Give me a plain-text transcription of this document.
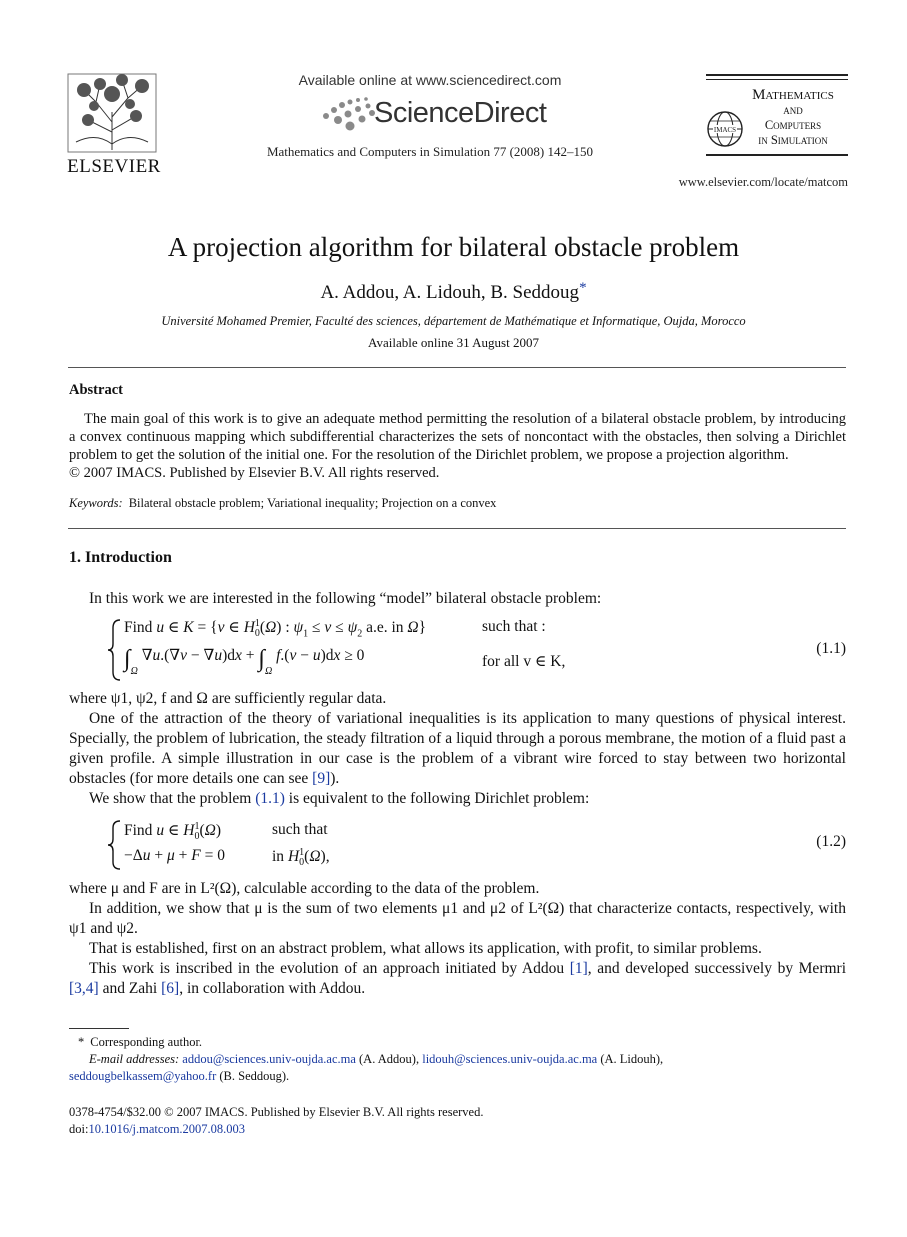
ELSEVIER
Available online at www.sciencedirect.com
ScienceDirect
Mathematics and Computers in Simulation 77 (2008) 142–150
IMACS
Mathematics
and
Computers
in Simulation
www.elsevier.com/locate/matcom
A projection algorithm for bilateral obstacle problem
A. Addou, A. Lidouh, B. Seddoug*
Université Mohamed Premier, Faculté des sciences, département de Mathématique et Informatique, Oujda, Morocco
Available online 31 August 2007
Abstract
The main goal of this work is to give an adequate method permitting the resolution of a bilateral obstacle problem, by introducing a convex continuous mapping which subdifferential characterizes the sets of noncontact with the obstacles, then solving a Dirichlet problem to get the solution of the initial one. For the resolution of the Dirichlet problem, we propose a projection algorithm.
© 2007 IMACS. Published by Elsevier B.V. All rights reserved.
Keywords: Bilateral obstacle problem; Variational inequality; Projection on a convex
1. Introduction
In this work we are interested in the following “model” bilateral obstacle problem:
Find u ∈ K = {v ∈ $H^1_0(\Omega)$ : $\psi_1 \le v \le \psi_2$ a.e. in Ω}	such that :
$\int_\Omega$ $\nabla u.(\nabla v - \nabla u)dx + \int_\Omega$ f.(v − u)dx ≥ 0	for all v ∈ K,
(1.1)
where ψ1, ψ2, f and Ω are sufficiently regular data.
One of the attraction of the theory of variational inequalities is its application to many questions of physical interest. Specially, the problem of lubrication, the steady filtration of a liquid through a porous membrane, the motion of a fluid past a given profile. A simple illustration in our case is the problem of a vibrant wire forced to stay between two horizontal obstacles (for more details one can see [9]).
We show that the problem (1.1) is equivalent to the following Dirichlet problem:
Find u ∈ $H^1_0(\Omega)$	such that
−Δu + μ + F = 0	in $H^1_0(\Omega)$,
(1.2)
where μ and F are in L²(Ω), calculable according to the data of the problem.
In addition, we show that μ is the sum of two elements μ1 and μ2 of L²(Ω) that characterize contacts, respectively, with ψ1 and ψ2.
That is established, first on an abstract problem, what allows its application, with profit, to similar problems.
This work is inscribed in the evolution of an approach initiated by Addou [1], and developed successively by Mermri [3,4] and Zahi [6], in collaboration with Addou.
* Corresponding author.
E-mail addresses: addou@sciences.univ-oujda.ac.ma (A. Addou), lidouh@sciences.univ-oujda.ac.ma (A. Lidouh),
seddougbelkassem@yahoo.fr (B. Seddoug).
0378-4754/$32.00 © 2007 IMACS. Published by Elsevier B.V. All rights reserved.
doi:10.1016/j.matcom.2007.08.003
